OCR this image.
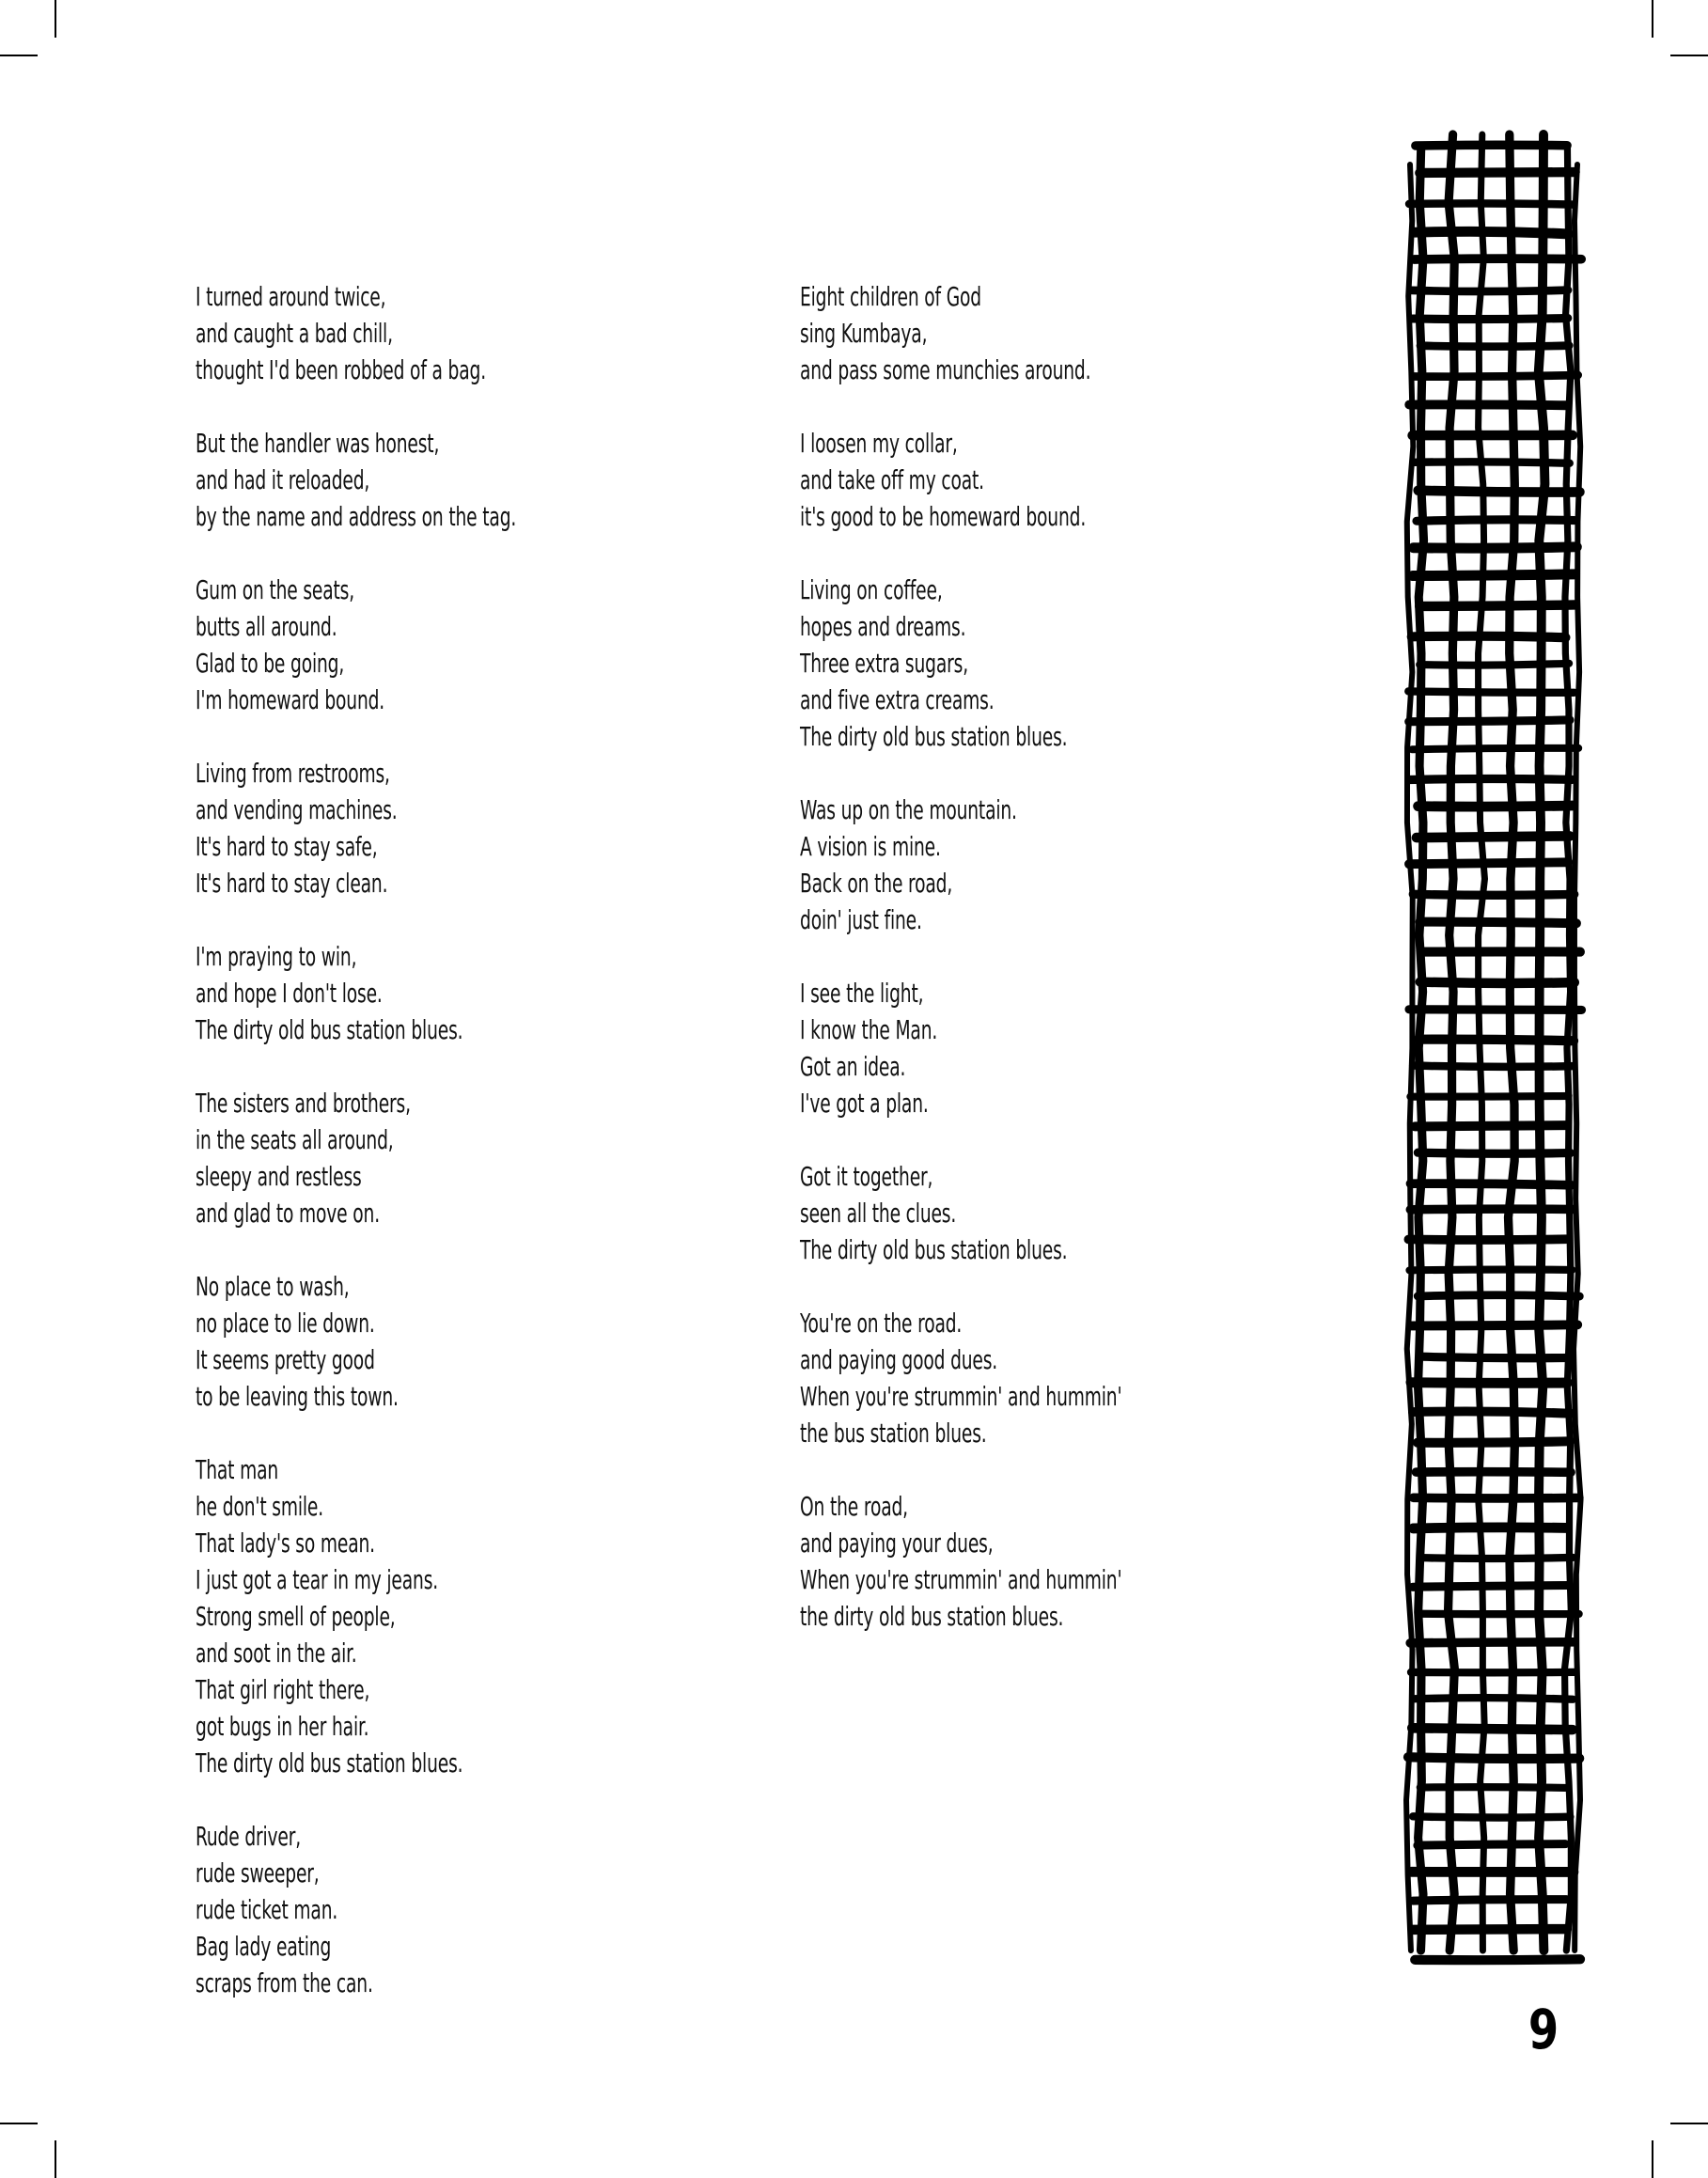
I turned around twice,
and caught a bad chill,
thought I'd been robbed of a bag.
But the handler was honest,
and had it reloaded,
by the name and address on the tag.
Gum on the seats,
butts all around.
Glad to be going,
I'm homeward bound.
Living from restrooms,
and vending machines.
It's hard to stay safe,
It's hard to stay clean.
I'm praying to win,
and hope I don't lose.
The dirty old bus station blues.
The sisters and brothers,
in the seats all around,
sleepy and restless
and glad to move on.
No place to wash,
no place to lie down.
It seems pretty good
to be leaving this town.
That man
he don't smile.
That lady's so mean.
I just got a tear in my jeans.
Strong smell of people,
and soot in the air.
That girl right there,
got bugs in her hair.
The dirty old bus station blues.
Rude driver,
rude sweeper,
rude ticket man.
Bag lady eating
scraps from the can.
Eight children of God
sing Kumbaya,
and pass some munchies around.
I loosen my collar,
and take off my coat.
it's good to be homeward bound.
Living on coffee,
hopes and dreams.
Three extra sugars,
and five extra creams.
The dirty old bus station blues.
Was up on the mountain.
A vision is mine.
Back on the road,
doin' just fine.
I see the light,
I know the Man.
Got an idea.
I've got a plan.
Got it together,
seen all the clues.
The dirty old bus station blues.
You're on the road.
and paying good dues.
When you're strummin' and hummin'
the bus station blues.
On the road,
and paying your dues,
When you're strummin' and hummin'
the dirty old bus station blues.
9
